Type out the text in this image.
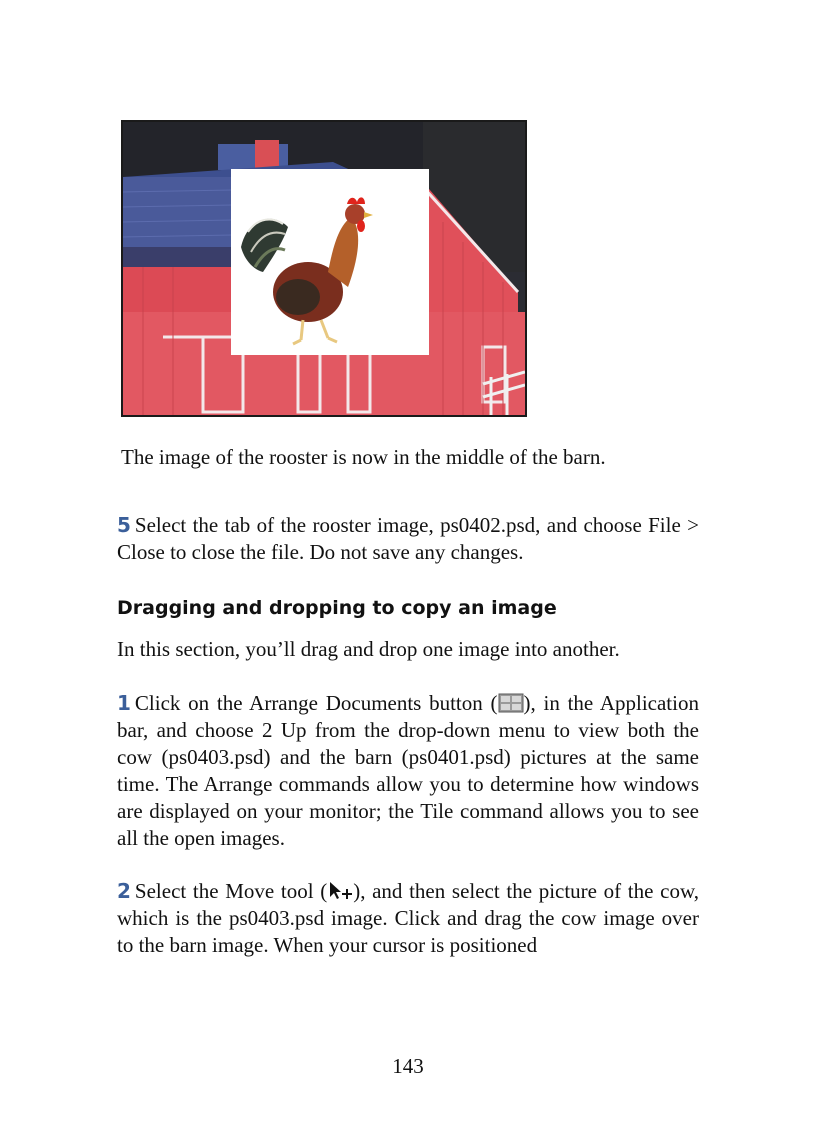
The image of the rooster is now in the middle of the barn.
5 Select the tab of the rooster image, ps0402.psd, and choose File > Close to close the file. Do not save any changes.
Dragging and dropping to copy an image
In this section, you’ll drag and drop one image into another.
1 Click on the Arrange Documents button ( ), in the Application bar, and choose 2 Up from the drop-down menu to view both the cow (ps0403.psd) and the barn (ps0401.psd) pictures at the same time. The Arrange commands allow you to determine how windows are displayed on your monitor; the Tile command allows you to see all the open images.
2 Select the Move tool ( ), and then select the picture of the cow, which is the ps0403.psd image. Click and drag the cow image over to the barn image. When your cursor is positioned
143
